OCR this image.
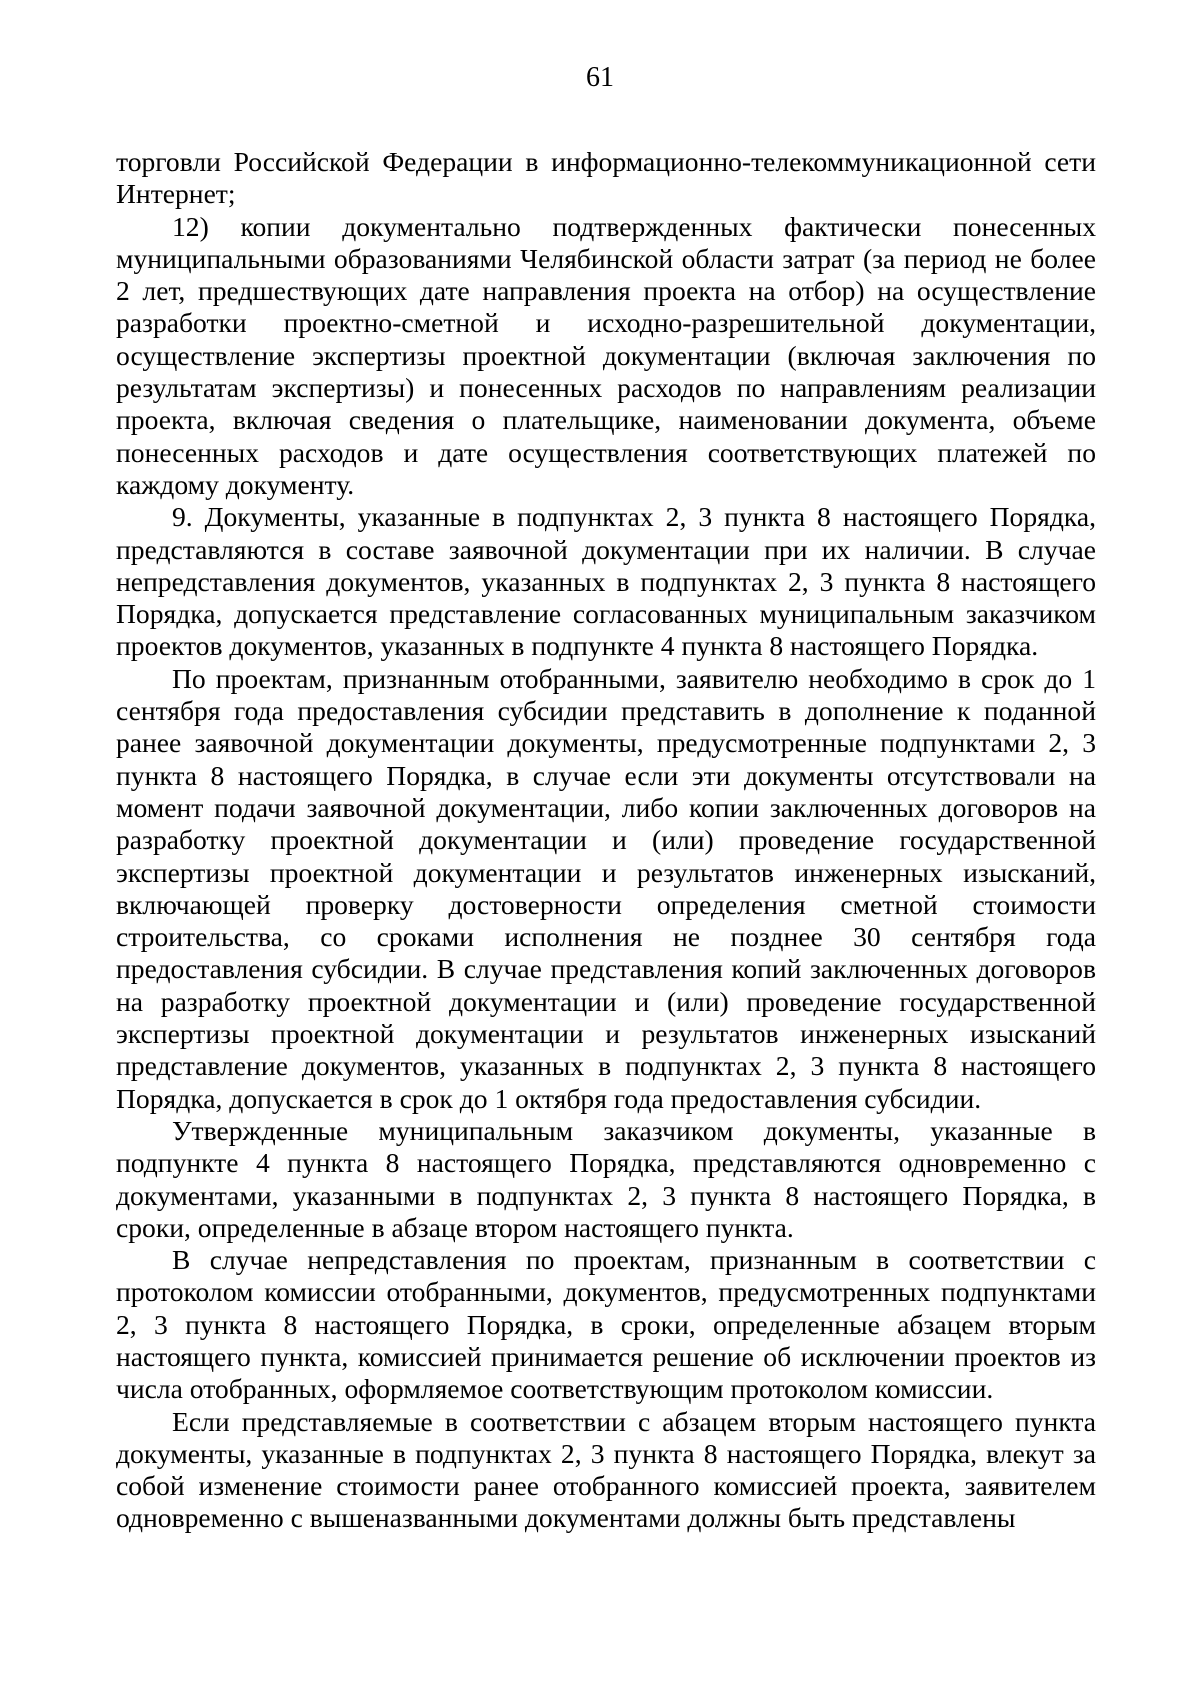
61

торговли Российской Федерации в информационно-телекоммуникационной сети Интернет;

12) копии документально подтвержденных фактически понесенных муниципальными образованиями Челябинской области затрат (за период не более 2 лет, предшествующих дате направления проекта на отбор) на осуществление разработки проектно-сметной и исходно-разрешительной документации, осуществление экспертизы проектной документации (включая заключения по результатам экспертизы) и понесенных расходов по направлениям реализации проекта, включая сведения о плательщике, наименовании документа, объеме понесенных расходов и дате осуществления соответствующих платежей по каждому документу.

9. Документы, указанные в подпунктах 2, 3 пункта 8 настоящего Порядка, представляются в составе заявочной документации при их наличии. В случае непредставления документов, указанных в подпунктах 2, 3 пункта 8 настоящего Порядка, допускается представление согласованных муниципальным заказчиком проектов документов, указанных в подпункте 4 пункта 8 настоящего Порядка.

По проектам, признанным отобранными, заявителю необходимо в срок до 1 сентября года предоставления субсидии представить в дополнение к поданной ранее заявочной документации документы, предусмотренные подпунктами 2, 3 пункта 8 настоящего Порядка, в случае если эти документы отсутствовали на момент подачи заявочной документации, либо копии заключенных договоров на разработку проектной документации и (или) проведение государственной экспертизы проектной документации и результатов инженерных изысканий, включающей проверку достоверности определения сметной стоимости строительства, со сроками исполнения не позднее 30 сентября года предоставления субсидии. В случае представления копий заключенных договоров на разработку проектной документации и (или) проведение государственной экспертизы проектной документации и результатов инженерных изысканий представление документов, указанных в подпунктах 2, 3 пункта 8 настоящего Порядка, допускается в срок до 1 октября года предоставления субсидии.

Утвержденные муниципальным заказчиком документы, указанные в подпункте 4 пункта 8 настоящего Порядка, представляются одновременно с документами, указанными в подпунктах 2, 3 пункта 8 настоящего Порядка, в сроки, определенные в абзаце втором настоящего пункта.

В случае непредставления по проектам, признанным в соответствии с протоколом комиссии отобранными, документов, предусмотренных подпунктами 2, 3 пункта 8 настоящего Порядка, в сроки, определенные абзацем вторым настоящего пункта, комиссией принимается решение об исключении проектов из числа отобранных, оформляемое соответствующим протоколом комиссии.

Если представляемые в соответствии с абзацем вторым настоящего пункта документы, указанные в подпунктах 2, 3 пункта 8 настоящего Порядка, влекут за собой изменение стоимости ранее отобранного комиссией проекта, заявителем одновременно с вышеназванными документами должны быть представлены
